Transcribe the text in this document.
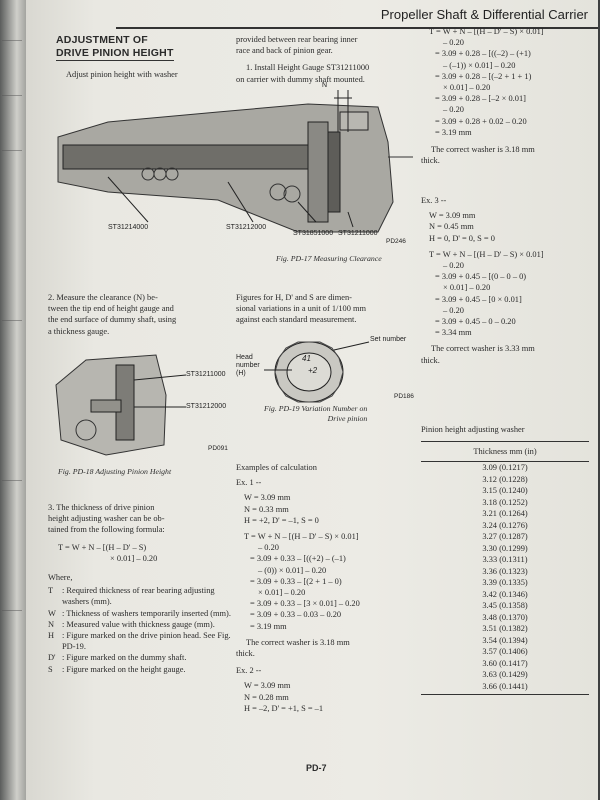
Propeller Shaft & Differential Carrier
ADJUSTMENT OF
DRIVE PINION HEIGHT
Adjust pinion height with washer
provided between rear bearing inner
race and back of pinion gear.
1. Install Height Gauge ST31211000
on carrier with dummy shaft mounted.
N
ST31214000	ST31212000
ST31851000 ST31211000
PD246
Fig. PD-17 Measuring Clearance
2. Measure the clearance (N) be-
tween the tip end of height gauge and
the end surface of dummy shaft, using
a thickness gauge.
ST31211000
ST31212000
PD091
Fig. PD-18 Adjusting Pinion Height
3. The thickness of drive pinion
height adjusting washer can be ob-
tained from the following formula:
T = W + N – [(H – D' – S)
× 0.01] – 0.20
Where,
T	: Required thickness of rear bearing adjusting washers (mm).
W : Thickness of washers temporarily inserted (mm).
N : Measured value with thickness gauge (mm).
H : Figure marked on the drive pinion head. See Fig. PD-19.
D' : Figure marked on the dummy shaft.
S	: Figure marked on the height gauge.
Figures for H, D' and S are dimen-
sional variations in a unit of 1/100 mm
against each standard measurement.
41
+2
Set number
Head
number
(H)
PD186
Fig. PD-19 Variation Number on
Drive pinion
Examples of calculation
Ex. 1 --
W = 3.09 mm
N = 0.33 mm
H = +2, D' = –1, S = 0
T = W + N – [(H – D' – S) × 0.01]
– 0.20
= 3.09 + 0.33 – [((+2) – (–1)
– (0)) × 0.01] – 0.20
= 3.09 + 0.33 – [(2 + 1 – 0)
× 0.01] – 0.20
= 3.09 + 0.33 – [3 × 0.01] – 0.20
= 3.09 + 0.33 – 0.03 – 0.20
= 3.19 mm
The correct washer is 3.18 mm
thick.
Ex. 2 --
W = 3.09 mm
N = 0.28 mm
H = –2, D' = +1, S = –1
T = W + N – [(H – D' – S) × 0.01]
– 0.20
= 3.09 + 0.28 – [((–2) – (+1)
– (–1)) × 0.01] – 0.20
= 3.09 + 0.28 – [(–2 + 1 + 1)
× 0.01] – 0.20
= 3.09 + 0.28 – [–2 × 0.01]
– 0.20
= 3.09 + 0.28 + 0.02 – 0.20
= 3.19 mm
The correct washer is 3.18 mm
thick.
Ex. 3 --
W = 3.09 mm
N = 0.45 mm
H = 0, D' = 0, S = 0
T = W + N – [(H – D' – S) × 0.01]
– 0.20
= 3.09 + 0.45 – [(0 – 0 – 0)
× 0.01] – 0.20
= 3.09 + 0.45 – [0 × 0.01]
– 0.20
= 3.09 + 0.45 – 0 – 0.20
= 3.34 mm
The correct washer is 3.33 mm
thick.
Pinion height adjusting washer
Thickness mm (in)
3.09 (0.1217)
3.12 (0.1228)
3.15 (0.1240)
3.18 (0.1252)
3.21 (0.1264)
3.24 (0.1276)
3.27 (0.1287)
3.30 (0.1299)
3.33 (0.1311)
3.36 (0.1323)
3.39 (0.1335)
3.42 (0.1346)
3.45 (0.1358)
3.48 (0.1370)
3.51 (0.1382)
3.54 (0.1394)
3.57 (0.1406)
3.60 (0.1417)
3.63 (0.1429)
3.66 (0.1441)
PD-7
